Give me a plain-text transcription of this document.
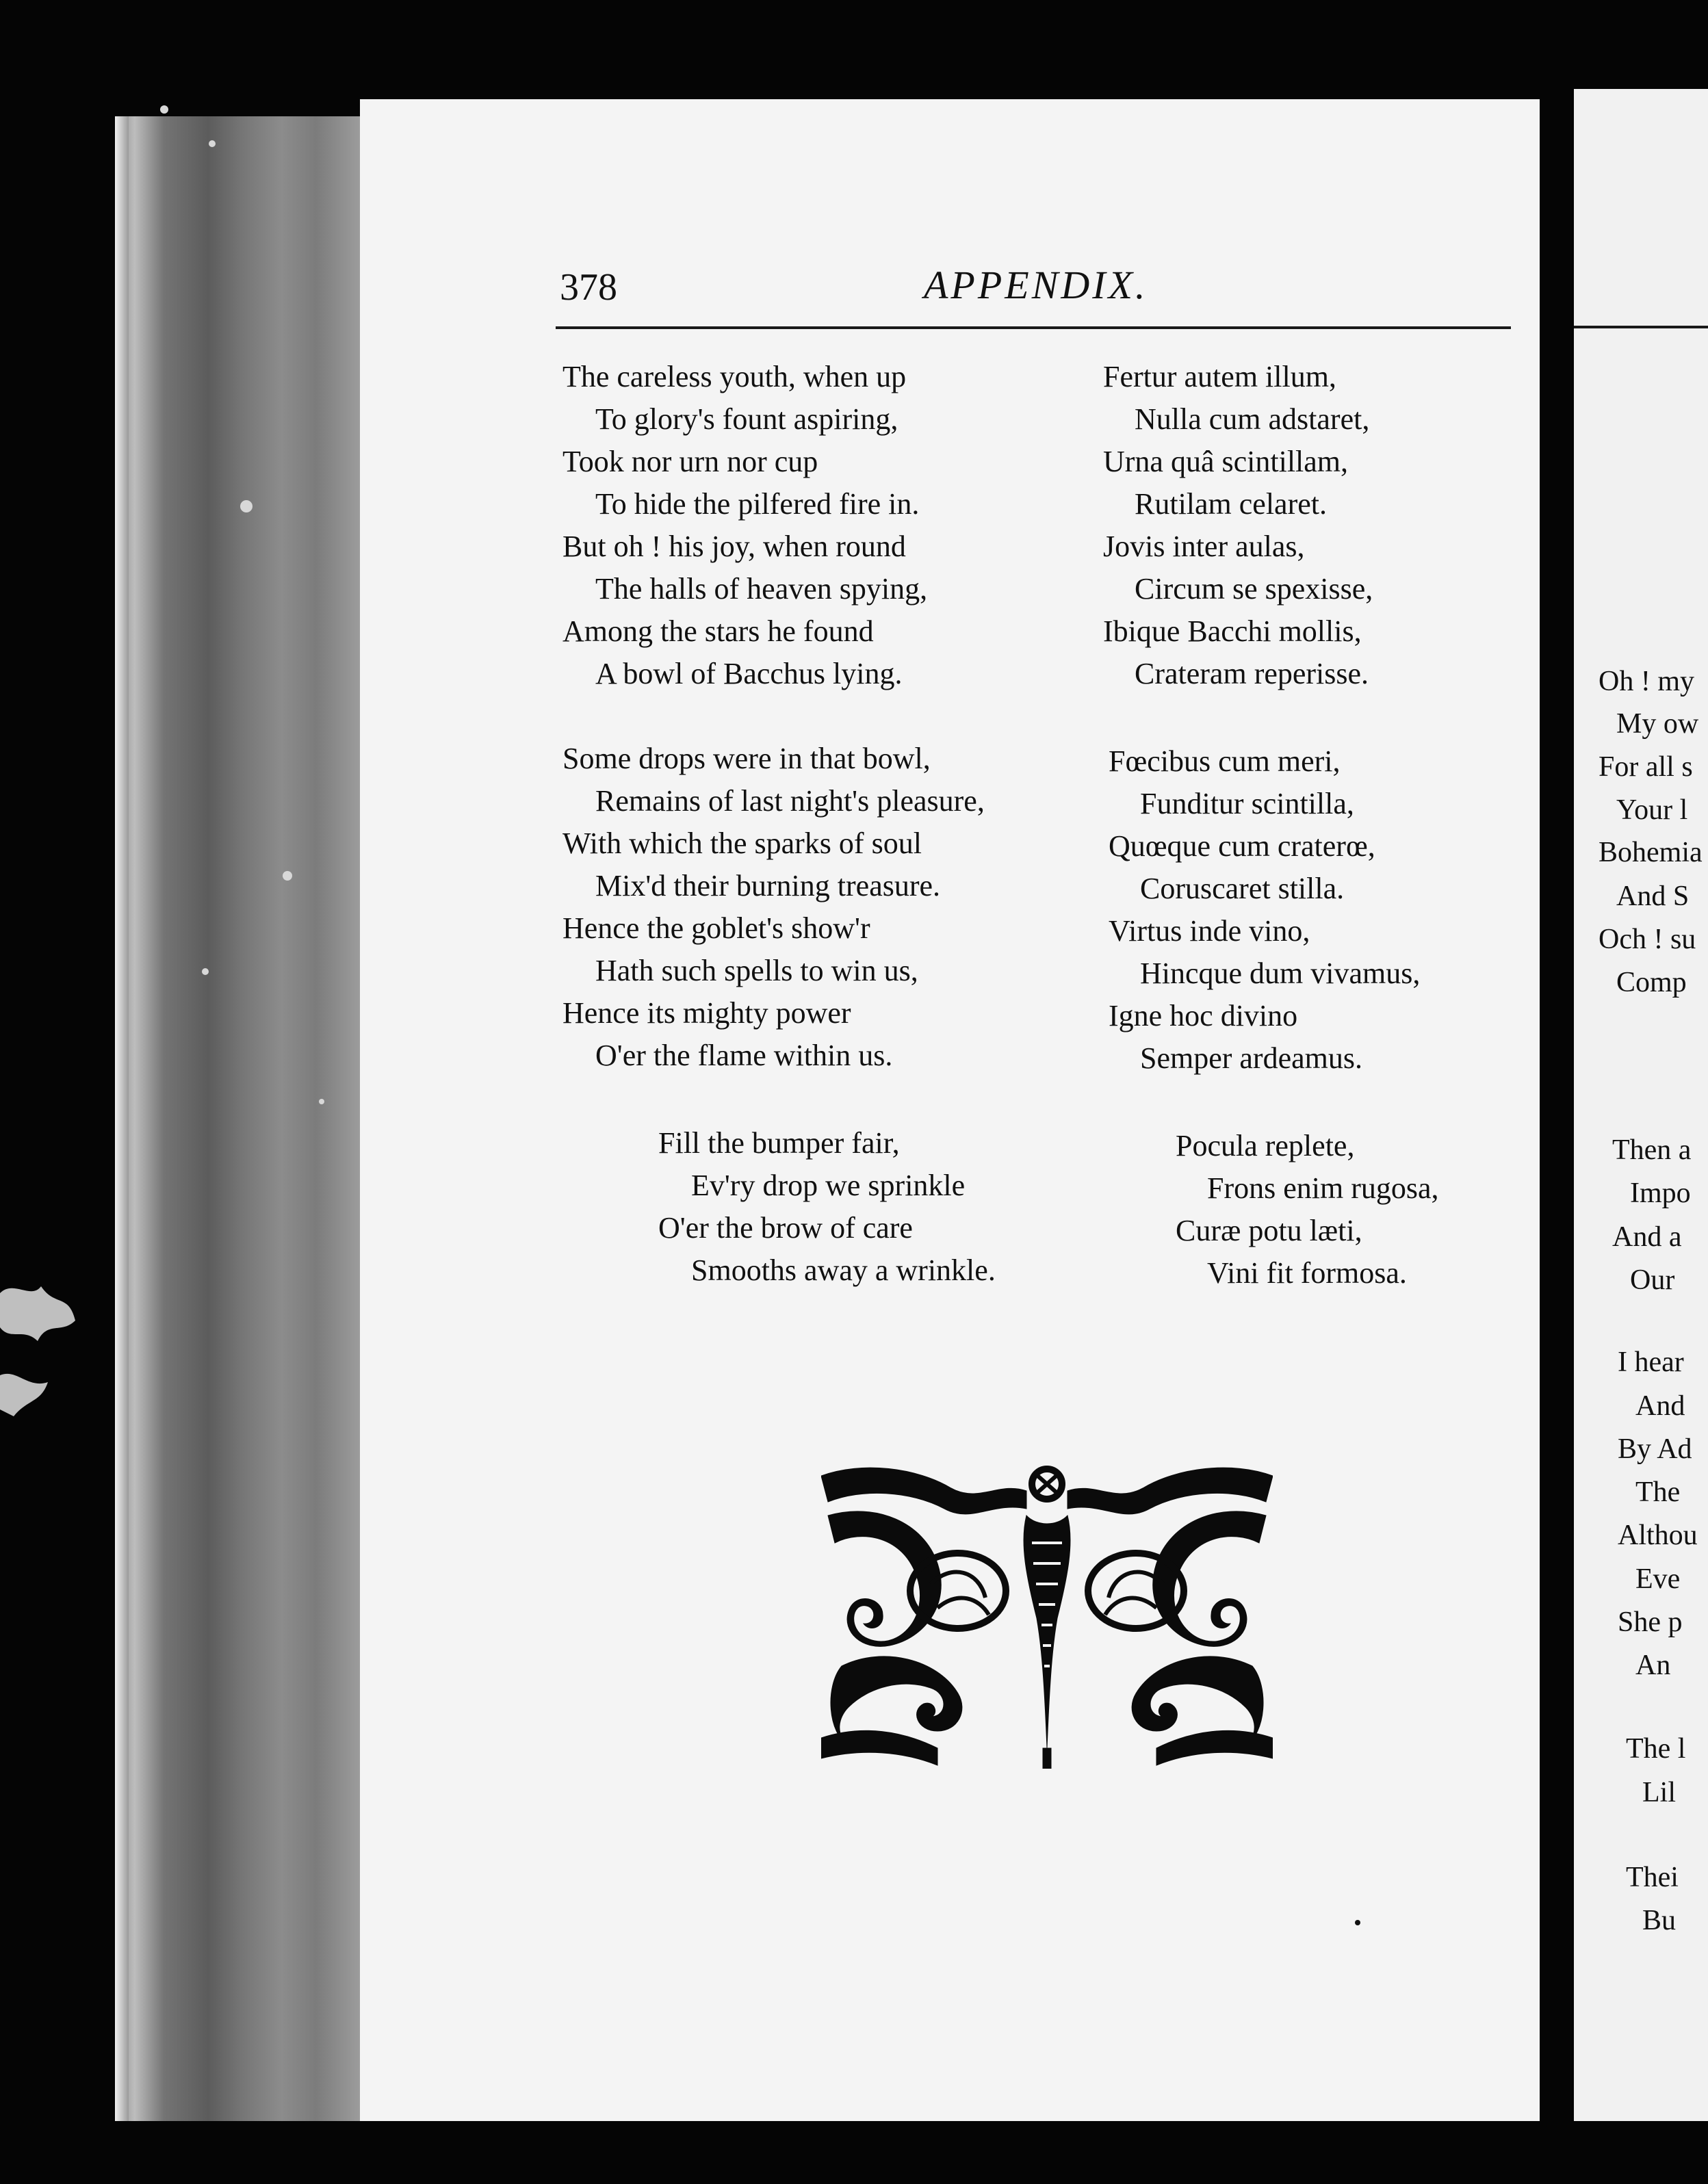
Oh ! my
My ow
For all s
Your l
Bohemia
And S
Och ! su
Comp
Then a
Impo
And a
Our
I hear
And
By Ad
The
Althou
Eve
She p
An
The l
Lil
Thei
Bu
378	APPENDIX.
The careless youth, when up
To glory's fount aspiring,
Took nor urn nor cup
To hide the pilfered fire in.
But oh ! his joy, when round
The halls of heaven spying,
Among the stars he found
A bowl of Bacchus lying.
Some drops were in that bowl,
Remains of last night's pleasure,
With which the sparks of soul
Mix'd their burning treasure.
Hence the goblet's show'r
Hath such spells to win us,
Hence its mighty power
O'er the flame within us.
Fill the bumper fair,
Ev'ry drop we sprinkle
O'er the brow of care
Smooths away a wrinkle.
Fertur autem illum,
Nulla cum adstaret,
Urna quâ scintillam,
Rutilam celaret.
Jovis inter aulas,
Circum se spexisse,
Ibique Bacchi mollis,
Crateram reperisse.
Fœcibus cum meri,
Funditur scintilla,
Quœque cum craterœ,
Coruscaret stilla.
Virtus inde vino,
Hincque dum vivamus,
Igne hoc divino
Semper ardeamus.
Pocula replete,
Frons enim rugosa,
Curæ potu læti,
Vini fit formosa.
